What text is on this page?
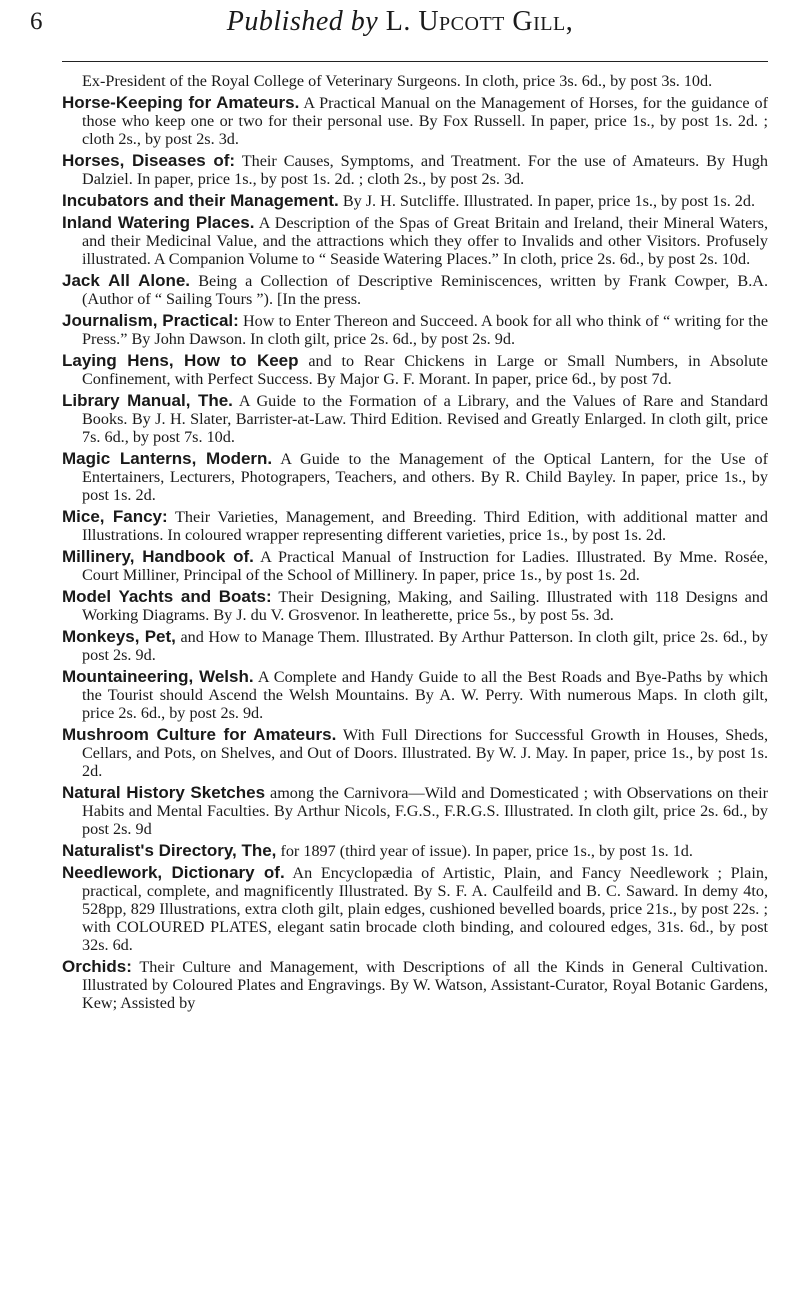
6	Published by L. Upcott Gill,

Ex-President of the Royal College of Veterinary Surgeons. In cloth, price 3s. 6d., by post 3s. 10d.

Horse-Keeping for Amateurs. A Practical Manual on the Management of Horses, for the guidance of those who keep one or two for their personal use. By Fox Russell. In paper, price 1s., by post 1s. 2d. ; cloth 2s., by post 2s. 3d.

Horses, Diseases of: Their Causes, Symptoms, and Treatment. For the use of Amateurs. By Hugh Dalziel. In paper, price 1s., by post 1s. 2d. ; cloth 2s., by post 2s. 3d.

Incubators and their Management. By J. H. Sutcliffe. Illustrated. In paper, price 1s., by post 1s. 2d.

Inland Watering Places. A Description of the Spas of Great Britain and Ireland, their Mineral Waters, and their Medicinal Value, and the attractions which they offer to Invalids and other Visitors. Profusely illustrated. A Companion Volume to “ Seaside Watering Places.” In cloth, price 2s. 6d., by post 2s. 10d.

Jack All Alone. Being a Collection of Descriptive Reminiscences, written by Frank Cowper, B.A. (Author of “ Sailing Tours ”). [In the press.

Journalism, Practical: How to Enter Thereon and Succeed. A book for all who think of “ writing for the Press.” By John Dawson. In cloth gilt, price 2s. 6d., by post 2s. 9d.

Laying Hens, How to Keep and to Rear Chickens in Large or Small Numbers, in Absolute Confinement, with Perfect Success. By Major G. F. Morant. In paper, price 6d., by post 7d.

Library Manual, The. A Guide to the Formation of a Library, and the Values of Rare and Standard Books. By J. H. Slater, Barrister-at-Law. Third Edition. Revised and Greatly Enlarged. In cloth gilt, price 7s. 6d., by post 7s. 10d.

Magic Lanterns, Modern. A Guide to the Management of the Optical Lantern, for the Use of Entertainers, Lecturers, Photograpers, Teachers, and others. By R. Child Bayley. In paper, price 1s., by post 1s. 2d.

Mice, Fancy: Their Varieties, Management, and Breeding. Third Edition, with additional matter and Illustrations. In coloured wrapper representing different varieties, price 1s., by post 1s. 2d.

Millinery, Handbook of. A Practical Manual of Instruction for Ladies. Illustrated. By Mme. Rosée, Court Milliner, Principal of the School of Millinery. In paper, price 1s., by post 1s. 2d.

Model Yachts and Boats: Their Designing, Making, and Sailing. Illustrated with 118 Designs and Working Diagrams. By J. du V. Grosvenor. In leatherette, price 5s., by post 5s. 3d.

Monkeys, Pet, and How to Manage Them. Illustrated. By Arthur Patterson. In cloth gilt, price 2s. 6d., by post 2s. 9d.

Mountaineering, Welsh. A Complete and Handy Guide to all the Best Roads and Bye-Paths by which the Tourist should Ascend the Welsh Mountains. By A. W. Perry. With numerous Maps. In cloth gilt, price 2s. 6d., by post 2s. 9d.

Mushroom Culture for Amateurs. With Full Directions for Successful Growth in Houses, Sheds, Cellars, and Pots, on Shelves, and Out of Doors. Illustrated. By W. J. May. In paper, price 1s., by post 1s. 2d.

Natural History Sketches among the Carnivora—Wild and Domesticated ; with Observations on their Habits and Mental Faculties. By Arthur Nicols, F.G.S., F.R.G.S. Illustrated. In cloth gilt, price 2s. 6d., by post 2s. 9d

Naturalist's Directory, The, for 1897 (third year of issue). In paper, price 1s., by post 1s. 1d.

Needlework, Dictionary of. An Encyclopædia of Artistic, Plain, and Fancy Needlework ; Plain, practical, complete, and magnificently Illustrated. By S. F. A. Caulfeild and B. C. Saward. In demy 4to, 528pp, 829 Illustrations, extra cloth gilt, plain edges, cushioned bevelled boards, price 21s., by post 22s. ; with COLOURED PLATES, elegant satin brocade cloth binding, and coloured edges, 31s. 6d., by post 32s. 6d.

Orchids: Their Culture and Management, with Descriptions of all the Kinds in General Cultivation. Illustrated by Coloured Plates and Engravings. By W. Watson, Assistant-Curator, Royal Botanic Gardens, Kew; Assisted by
